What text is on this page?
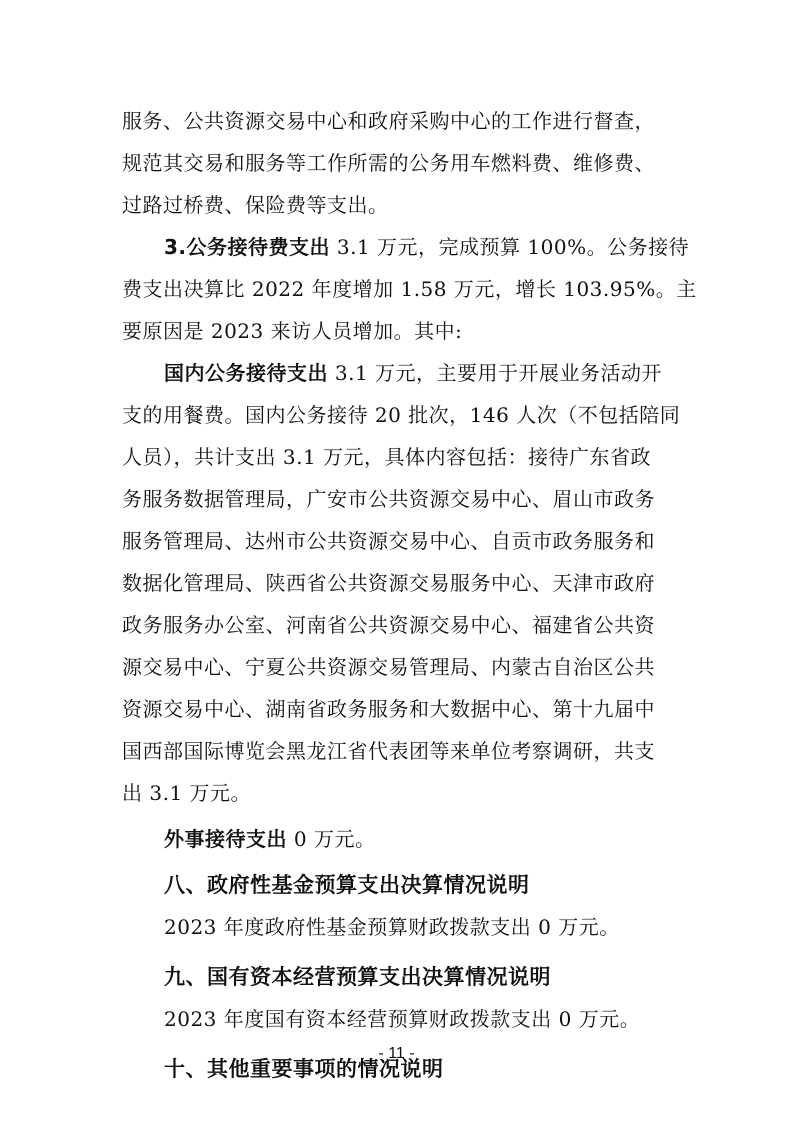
服务、公共资源交易中心和政府采购中心的工作进行督查，
规范其交易和服务等工作所需的公务用车燃料费、维修费、
过路过桥费、保险费等支出。
3.公务接待费支出 3.1 万元，完成预算 100%。公务接待
费支出决算比 2022 年度增加 1.58 万元，增长 103.95%。主
要原因是 2023 来访人员增加。其中:
国内公务接待支出 3.1 万元，主要用于开展业务活动开
支的用餐费。国内公务接待 20 批次，146 人次（不包括陪同
人员），共计支出 3.1 万元，具体内容包括：接待广东省政
务服务数据管理局，广安市公共资源交易中心、眉山市政务
服务管理局、达州市公共资源交易中心、自贡市政务服务和
数据化管理局、陕西省公共资源交易服务中心、天津市政府
政务服务办公室、河南省公共资源交易中心、福建省公共资
源交易中心、宁夏公共资源交易管理局、内蒙古自治区公共
资源交易中心、湖南省政务服务和大数据中心、第十九届中
国西部国际博览会黑龙江省代表团等来单位考察调研，共支
出 3.1 万元。
外事接待支出 0 万元。
八、政府性基金预算支出决算情况说明
2023 年度政府性基金预算财政拨款支出 0 万元。
九、国有资本经营预算支出决算情况说明
2023 年度国有资本经营预算财政拨款支出 0 万元。
十、其他重要事项的情况说明
- 11 -
